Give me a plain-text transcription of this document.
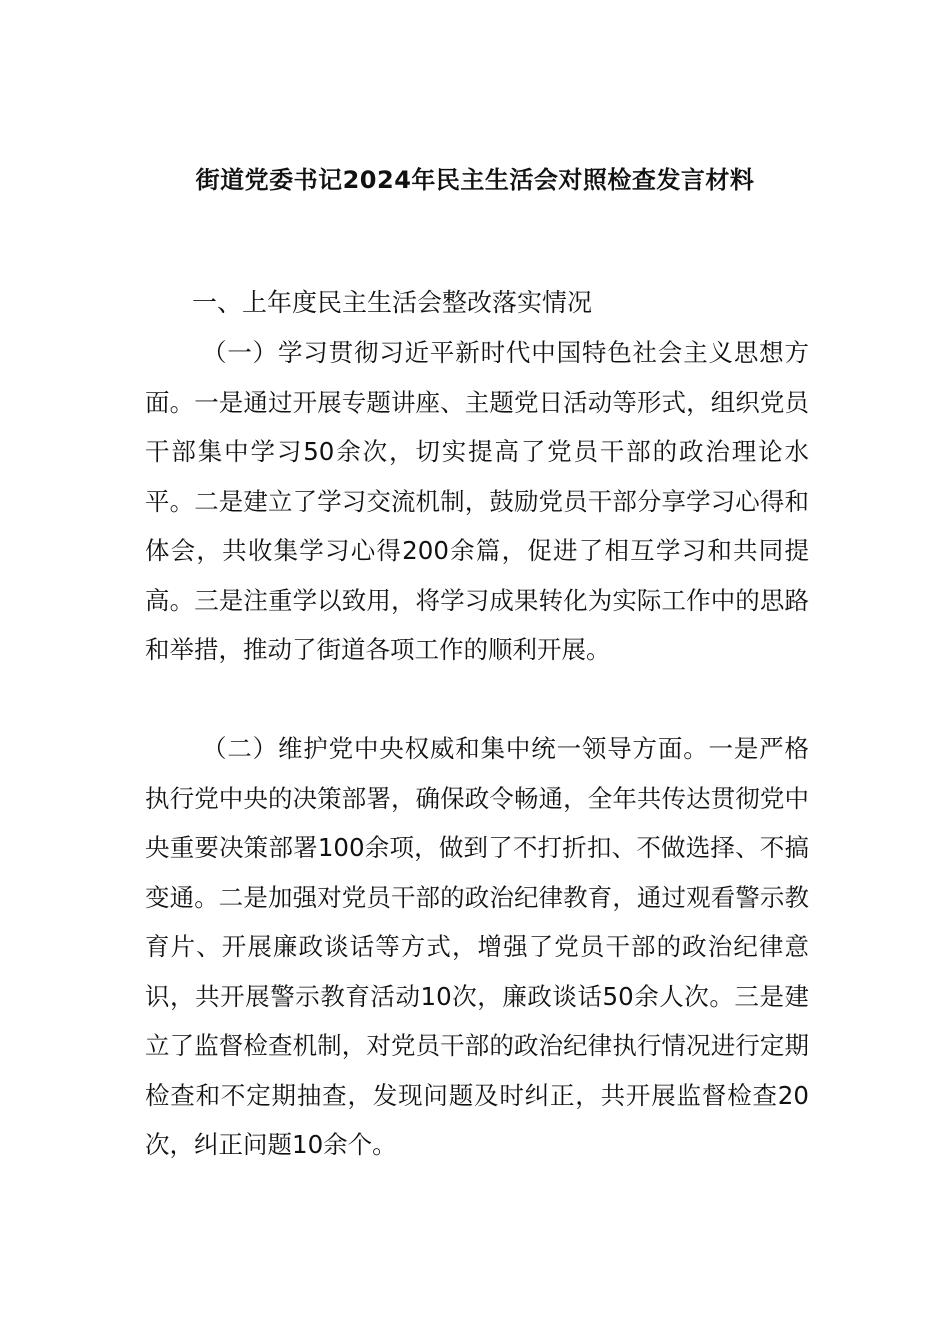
街道党委书记2024年民主生活会对照检查发言材料
一、上年度民主生活会整改落实情况

（一）学习贯彻习近平新时代中国特色社会主义思想方面。一是通过开展专题讲座、主题党日活动等形式，组织党员干部集中学习50余次，切实提高了党员干部的政治理论水平。二是建立了学习交流机制，鼓励党员干部分享学习心得和体会，共收集学习心得200余篇，促进了相互学习和共同提高。三是注重学以致用，将学习成果转化为实际工作中的思路和举措，推动了街道各项工作的顺利开展。

（二）维护党中央权威和集中统一领导方面。一是严格执行党中央的决策部署，确保政令畅通，全年共传达贯彻党中央重要决策部署100余项，做到了不打折扣、不做选择、不搞变通。二是加强对党员干部的政治纪律教育，通过观看警示教育片、开展廉政谈话等方式，增强了党员干部的政治纪律意识，共开展警示教育活动10次，廉政谈话50余人次。三是建立了监督检查机制，对党员干部的政治纪律执行情况进行定期检查和不定期抽查，发现问题及时纠正，共开展监督检查20次，纠正问题10余个。
